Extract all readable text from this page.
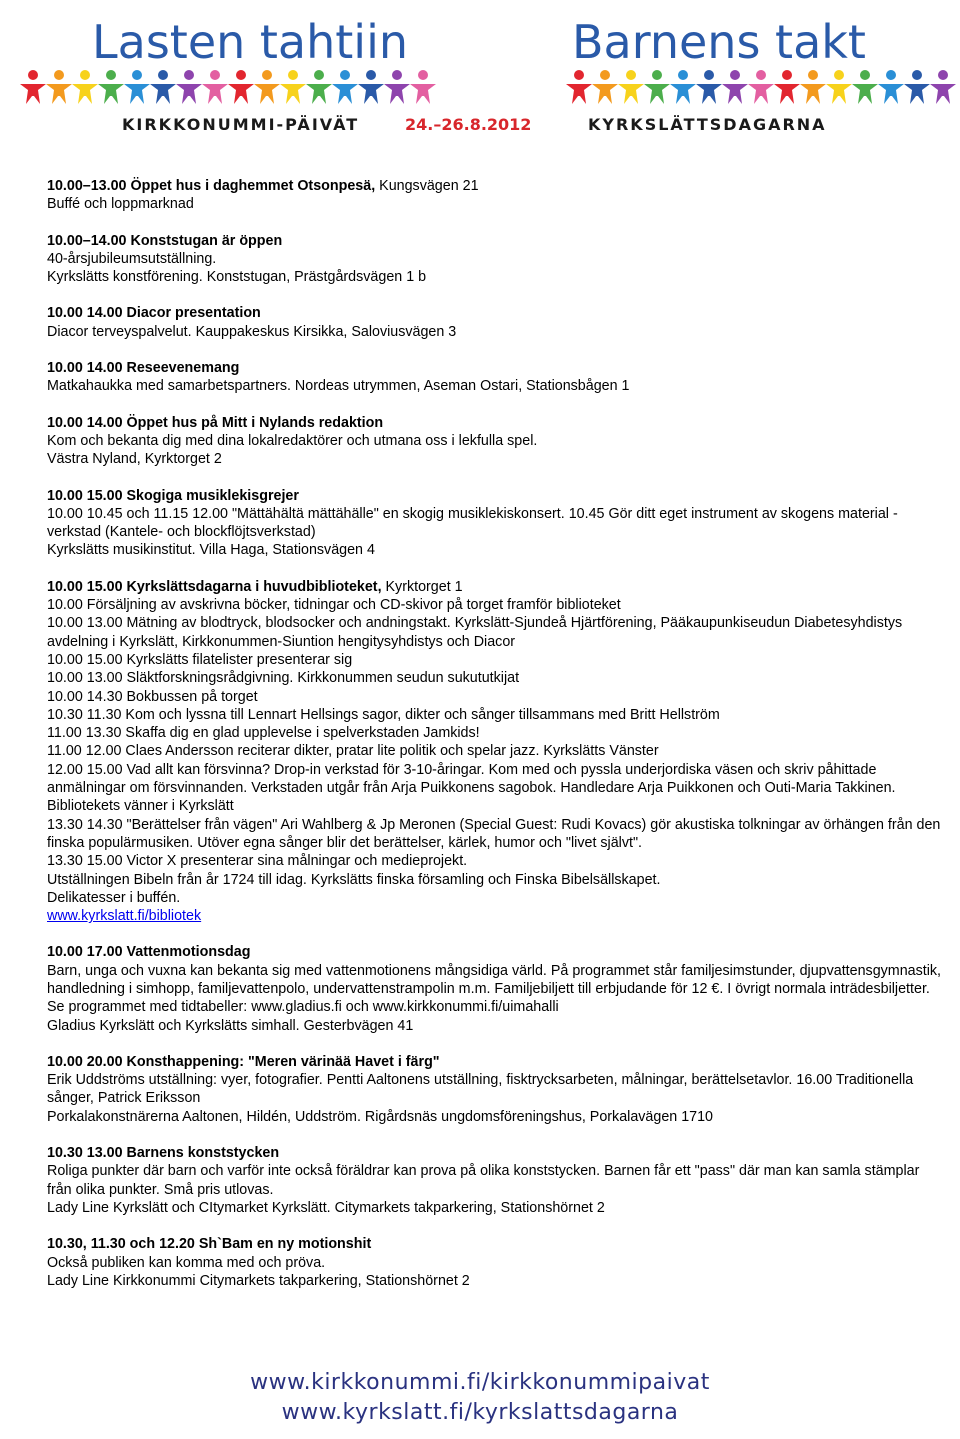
Lasten tahtiin	Barnens takt
KIRKKONUMMI-PÄIVÄT	24.–26.8.2012	KYRKSLÄTTSDAGARNA

10.00–13.00 Öppet hus i daghemmet Otsonpesä, Kungsvägen 21

Buffé och loppmarknad

10.00–14.00 Konststugan är öppen

40-årsjubileumsutställning.

Kyrkslätts konstförening. Konststugan, Prästgårdsvägen 1 b

10.00 14.00 Diacor presentation

Diacor terveyspalvelut. Kauppakeskus Kirsikka, Saloviusvägen 3

10.00 14.00 Reseevenemang

Matkahaukka med samarbetspartners. Nordeas utrymmen, Aseman Ostari, Stationsbågen 1

10.00 14.00 Öppet hus på Mitt i Nylands redaktion

Kom och bekanta dig med dina lokalredaktörer och utmana oss i lekfulla spel.

Västra Nyland, Kyrktorget 2

10.00 15.00 Skogiga musiklekisgrejer

10.00 10.45 och 11.15 12.00 "Mättähältä mättähälle" en skogig musiklekiskonsert. 10.45 Gör ditt eget instrument av skogens material - verkstad (Kantele- och blockflöjtsverkstad)

Kyrkslätts musikinstitut. Villa Haga, Stationsvägen 4

10.00 15.00 Kyrkslättsdagarna i huvudbiblioteket, Kyrktorget 1

10.00 Försäljning av avskrivna böcker, tidningar och CD-skivor på torget framför biblioteket

10.00 13.00 Mätning av blodtryck, blodsocker och andningstakt. Kyrkslätt-Sjundeå Hjärtförening, Pääkaupunkiseudun Diabetesyhdistys avdelning i Kyrkslätt, Kirkkonummen-Siuntion hengitysyhdistys och Diacor

10.00 15.00 Kyrkslätts filatelister presenterar sig

10.00 13.00 Släktforskningsrådgivning. Kirkkonummen seudun sukututkijat

10.00 14.30 Bokbussen på torget

10.30 11.30 Kom och lyssna till Lennart Hellsings sagor, dikter och sånger tillsammans med Britt Hellström

11.00 13.30 Skaffa dig en glad upplevelse i spelverkstaden Jamkids!

11.00 12.00 Claes Andersson reciterar dikter, pratar lite politik och spelar jazz. Kyrkslätts Vänster

12.00 15.00 Vad allt kan försvinna? Drop-in verkstad för 3-10-åringar. Kom med och pyssla underjordiska väsen och skriv påhittade anmälningar om försvinnanden. Verkstaden utgår från Arja Puikkonens sagobok. Handledare Arja Puikkonen och Outi-Maria Takkinen. Bibliotekets vänner i Kyrkslätt

13.30 14.30 "Berättelser från vägen" Ari Wahlberg & Jp Meronen (Special Guest: Rudi Kovacs) gör akustiska tolkningar av örhängen från den finska populärmusiken. Utöver egna sånger blir det berättelser, kärlek, humor och "livet självt".

13.30 15.00 Victor X presenterar sina målningar och medieprojekt.

Utställningen Bibeln från år 1724 till idag. Kyrkslätts finska församling och Finska Bibelsällskapet.

Delikatesser i buffén.

www.kyrkslatt.fi/bibliotek

10.00 17.00 Vattenmotionsdag

Barn, unga och vuxna kan bekanta sig med vattenmotionens mångsidiga värld. På programmet står familjesimstunder, djupvattensgymnastik, handledning i simhopp, familjevattenpolo, undervattenstrampolin m.m. Familjebiljett till erbjudande för 12 €. I övrigt normala inträdesbiljetter. Se programmet med tidtabeller: www.gladius.fi och www.kirkkonummi.fi/uimahalli

Gladius Kyrkslätt och Kyrkslätts simhall. Gesterbvägen 41

10.00 20.00 Konsthappening: "Meren värinää Havet i färg"

Erik Uddströms utställning: vyer, fotografier. Pentti Aaltonens utställning, fisktrycksarbeten, målningar, berättelsetavlor. 16.00 Traditionella sånger, Patrick Eriksson

Porkalakonstnärerna Aaltonen, Hildén, Uddström. Rigårdsnäs ungdomsföreningshus, Porkalavägen 1710

10.30 13.00 Barnens konststycken

Roliga punkter där barn och varför inte också föräldrar kan prova på olika konststycken. Barnen får ett "pass" där man kan samla stämplar från olika punkter. Små pris utlovas.

Lady Line Kyrkslätt och CItymarket Kyrkslätt. Citymarkets takparkering, Stationshörnet 2

10.30, 11.30 och 12.20 Sh`Bam en ny motionshit

Också publiken kan komma med och pröva.

Lady Line Kirkkonummi Citymarkets takparkering, Stationshörnet 2

www.kirkkonummi.fi/kirkkonummipaivat
www.kyrkslatt.fi/kyrkslattsdagarna
